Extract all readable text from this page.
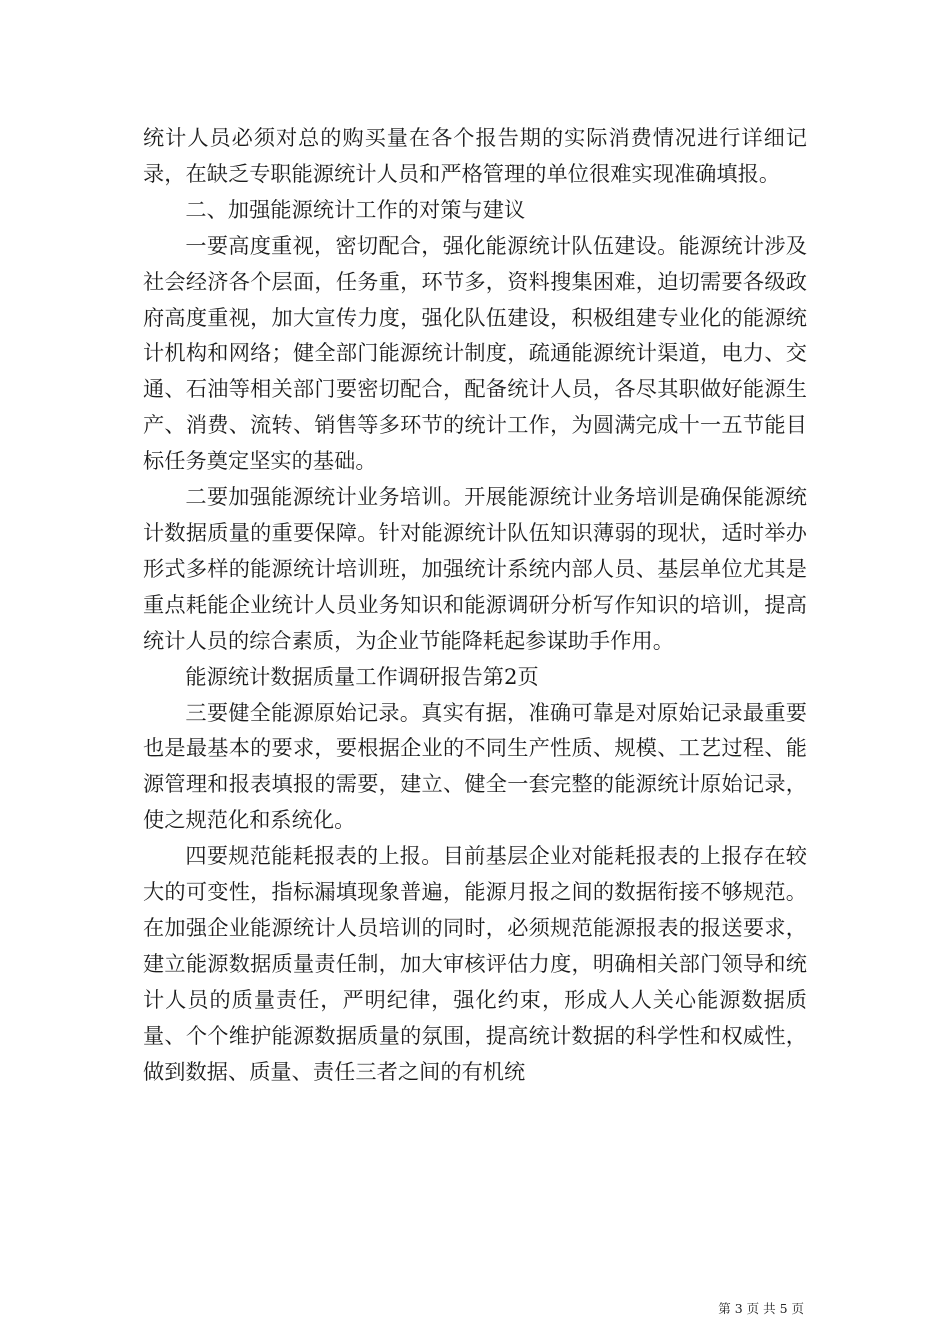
统计人员必须对总的购买量在各个报告期的实际消费情况进行详细记录，在缺乏专职能源统计人员和严格管理的单位很难实现准确填报。

二、加强能源统计工作的对策与建议

一要高度重视，密切配合，强化能源统计队伍建设。能源统计涉及社会经济各个层面，任务重，环节多，资料搜集困难，迫切需要各级政府高度重视，加大宣传力度，强化队伍建设，积极组建专业化的能源统计机构和网络；健全部门能源统计制度，疏通能源统计渠道，电力、交通、石油等相关部门要密切配合，配备统计人员，各尽其职做好能源生产、消费、流转、销售等多环节的统计工作，为圆满完成十一五节能目标任务奠定坚实的基础。

二要加强能源统计业务培训。开展能源统计业务培训是确保能源统计数据质量的重要保障。针对能源统计队伍知识薄弱的现状，适时举办形式多样的能源统计培训班，加强统计系统内部人员、基层单位尤其是重点耗能企业统计人员业务知识和能源调研分析写作知识的培训，提高统计人员的综合素质，为企业节能降耗起参谋助手作用。

能源统计数据质量工作调研报告第2页

三要健全能源原始记录。真实有据，准确可靠是对原始记录最重要也是最基本的要求，要根据企业的不同生产性质、规模、工艺过程、能源管理和报表填报的需要，建立、健全一套完整的能源统计原始记录，使之规范化和系统化。

四要规范能耗报表的上报。目前基层企业对能耗报表的上报存在较大的可变性，指标漏填现象普遍，能源月报之间的数据衔接不够规范。在加强企业能源统计人员培训的同时，必须规范能源报表的报送要求，建立能源数据质量责任制，加大审核评估力度，明确相关部门领导和统计人员的质量责任，严明纪律，强化约束，形成人人关心能源数据质量、个个维护能源数据质量的氛围，提高统计数据的科学性和权威性，做到数据、质量、责任三者之间的有机统

第 3 页 共 5 页
